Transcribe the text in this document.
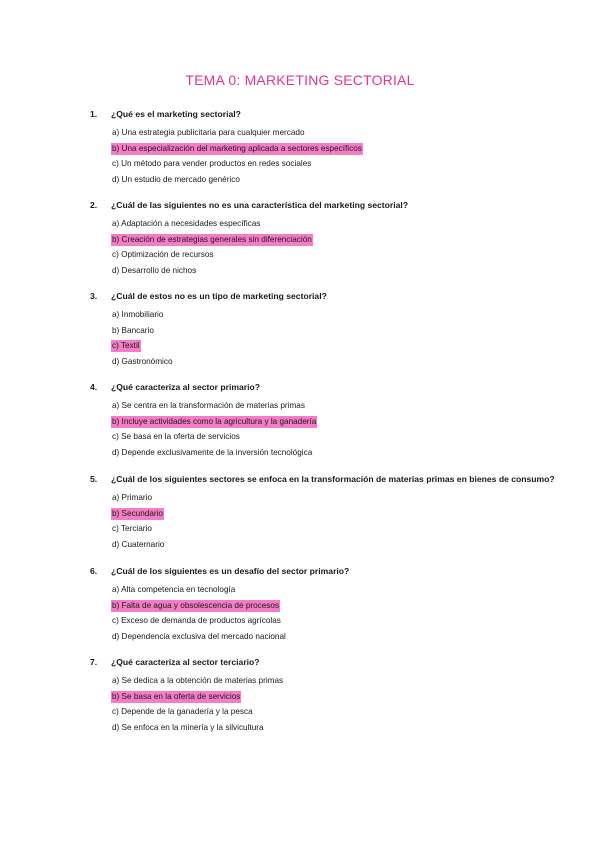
TEMA 0: MARKETING SECTORIAL
1.	¿Qué es el marketing sectorial?
a) Una estrategia publicitaria para cualquier mercado
b) Una especialización del marketing aplicada a sectores específicos
c) Un método para vender productos en redes sociales
d) Un estudio de mercado genérico
2.	¿Cuál de las siguientes no es una característica del marketing sectorial?
a) Adaptación a necesidades específicas
b) Creación de estrategias generales sin diferenciación
c) Optimización de recursos
d) Desarrollo de nichos
3.	¿Cuál de estos no es un tipo de marketing sectorial?
a) Inmobiliario
b) Bancario
c) Textil
d) Gastronómico
4.	¿Qué caracteriza al sector primario?
a) Se centra en la transformación de materias primas
b) Incluye actividades como la agricultura y la ganadería
c) Se basa en la oferta de servicios
d) Depende exclusivamente de la inversión tecnológica
5.	¿Cuál de los siguientes sectores se enfoca en la transformación de materias primas en bienes de consumo?
a) Primario
b) Secundario
c) Terciario
d) Cuaternario
6.	¿Cuál de los siguientes es un desafío del sector primario?
a) Alta competencia en tecnología
b) Falta de agua y obsolescencia de procesos
c) Exceso de demanda de productos agrícolas
d) Dependencia exclusiva del mercado nacional
7.	¿Qué caracteriza al sector terciario?
a) Se dedica a la obtención de materias primas
b) Se basa en la oferta de servicios
c) Depende de la ganadería y la pesca
d) Se enfoca en la minería y la silvicultura
